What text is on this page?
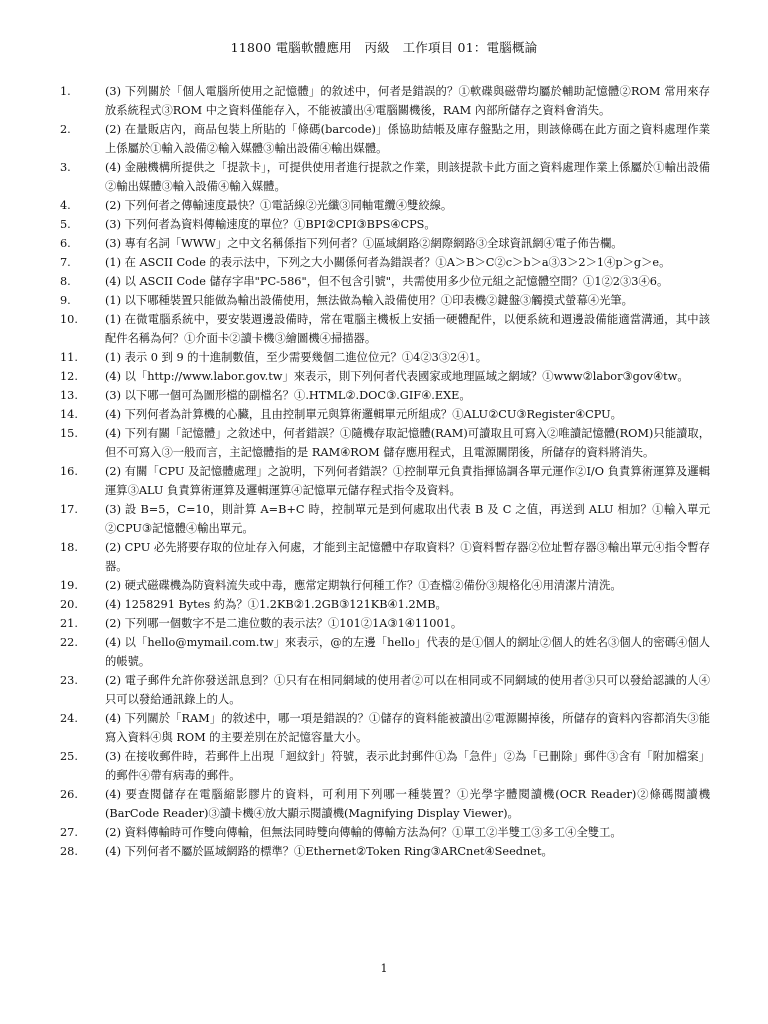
11800 電腦軟體應用　丙級　工作項目 01：電腦概論
1.	(3) 下列關於「個人電腦所使用之記憶體」的敘述中，何者是錯誤的？①軟碟與磁帶均屬於輔助記憶體②ROM 常用來存放系統程式③ROM 中之資料僅能存入，不能被讀出④電腦關機後，RAM 內部所儲存之資料會消失。
2.	(2) 在量販店內，商品包裝上所貼的「條碼(barcode)」係協助結帳及庫存盤點之用，則該條碼在此方面之資料處理作業上係屬於①輸入設備②輸入媒體③輸出設備④輸出媒體。
3.	(4) 金融機構所提供之「提款卡」，可提供使用者進行提款之作業，則該提款卡此方面之資料處理作業上係屬於①輸出設備②輸出媒體③輸入設備④輸入媒體。
4.	(2) 下列何者之傳輸速度最快？①電話線②光纖③同軸電纜④雙絞線。
5.	(3) 下列何者為資料傳輸速度的單位？①BPI②CPI③BPS④CPS。
6.	(3) 專有名詞「WWW」之中文名稱係指下列何者？①區域網路②網際網路③全球資訊網④電子佈告欄。
7.	(1) 在 ASCII Code 的表示法中，下列之大小關係何者為錯誤者？①A＞B＞C②c＞b＞a③3＞2＞1④p＞g＞e。
8.	(4) 以 ASCII Code 儲存字串"PC-586"，但不包含引號"，共需使用多少位元組之記憶體空間？①1②2③3④6。
9.	(1) 以下哪種裝置只能做為輸出設備使用，無法做為輸入設備使用？①印表機②鍵盤③觸摸式螢幕④光筆。
10.	(1) 在微電腦系統中，要安裝週邊設備時，常在電腦主機板上安插一硬體配件，以便系統和週邊設備能適當溝通，其中該配件名稱為何？①介面卡②讀卡機③繪圖機④掃描器。
11.	(1) 表示 0 到 9 的十進制數值，至少需要幾個二進位位元？①4②3③2④1。
12.	(4) 以「http://www.labor.gov.tw」來表示，則下列何者代表國家或地理區域之網域？①www②labor③gov④tw。
13.	(3) 以下哪一個可為圖形檔的副檔名？①.HTML②.DOC③.GIF④.EXE。
14.	(4) 下列何者為計算機的心臟，且由控制單元與算術邏輯單元所組成？①ALU②CU③Register④CPU。
15.	(4) 下列有關「記憶體」之敘述中，何者錯誤？①隨機存取記憶體(RAM)可讀取且可寫入②唯讀記憶體(ROM)只能讀取，但不可寫入③一般而言，主記憶體指的是 RAM④ROM 儲存應用程式，且電源關閉後，所儲存的資料將消失。
16.	(2) 有關「CPU 及記憶體處理」之說明，下列何者錯誤？①控制單元負責指揮協調各單元運作②I/O 負責算術運算及邏輯運算③ALU 負責算術運算及邏輯運算④記憶單元儲存程式指令及資料。
17.	(3) 設 B=5，C=10，則計算 A=B+C 時，控制單元是到何處取出代表 B 及 C 之值，再送到 ALU 相加？①輸入單元②CPU③記憶體④輸出單元。
18.	(2) CPU 必先將要存取的位址存入何處，才能到主記憶體中存取資料？①資料暫存器②位址暫存器③輸出單元④指令暫存器。
19.	(2) 硬式磁碟機為防資料流失或中毒，應常定期執行何種工作？①查檔②備份③規格化④用清潔片清洗。
20.	(4) 1258291 Bytes 約為？①1.2KB②1.2GB③121KB④1.2MB。
21.	(2) 下列哪一個數字不是二進位數的表示法？①101②1A③1④11001。
22.	(4) 以「hello@mymail.com.tw」來表示，@的左邊「hello」代表的是①個人的網址②個人的姓名③個人的密碼④個人的帳號。
23.	(2) 電子郵件允許你發送訊息到？①只有在相同網域的使用者②可以在相同或不同網域的使用者③只可以發給認識的人④只可以發給通訊錄上的人。
24.	(4) 下列關於「RAM」的敘述中，哪一項是錯誤的？①儲存的資料能被讀出②電源關掉後，所儲存的資料內容都消失③能寫入資料④與 ROM 的主要差別在於記憶容量大小。
25.	(3) 在接收郵件時，若郵件上出現「迴紋針」符號，表示此封郵件①為「急件」②為「已刪除」郵件③含有「附加檔案」的郵件④帶有病毒的郵件。
26.	(4) 要查閱儲存在電腦縮影膠片的資料，可利用下列哪一種裝置？①光學字體閱讀機(OCR Reader)②條碼閱讀機(BarCode Reader)③讀卡機④放大顯示閱讀機(Magnifying Display Viewer)。
27.	(2) 資料傳輸時可作雙向傳輸，但無法同時雙向傳輸的傳輸方法為何？①單工②半雙工③多工④全雙工。
28.	(4) 下列何者不屬於區域網路的標準？①Ethernet②Token Ring③ARCnet④Seednet。
1
